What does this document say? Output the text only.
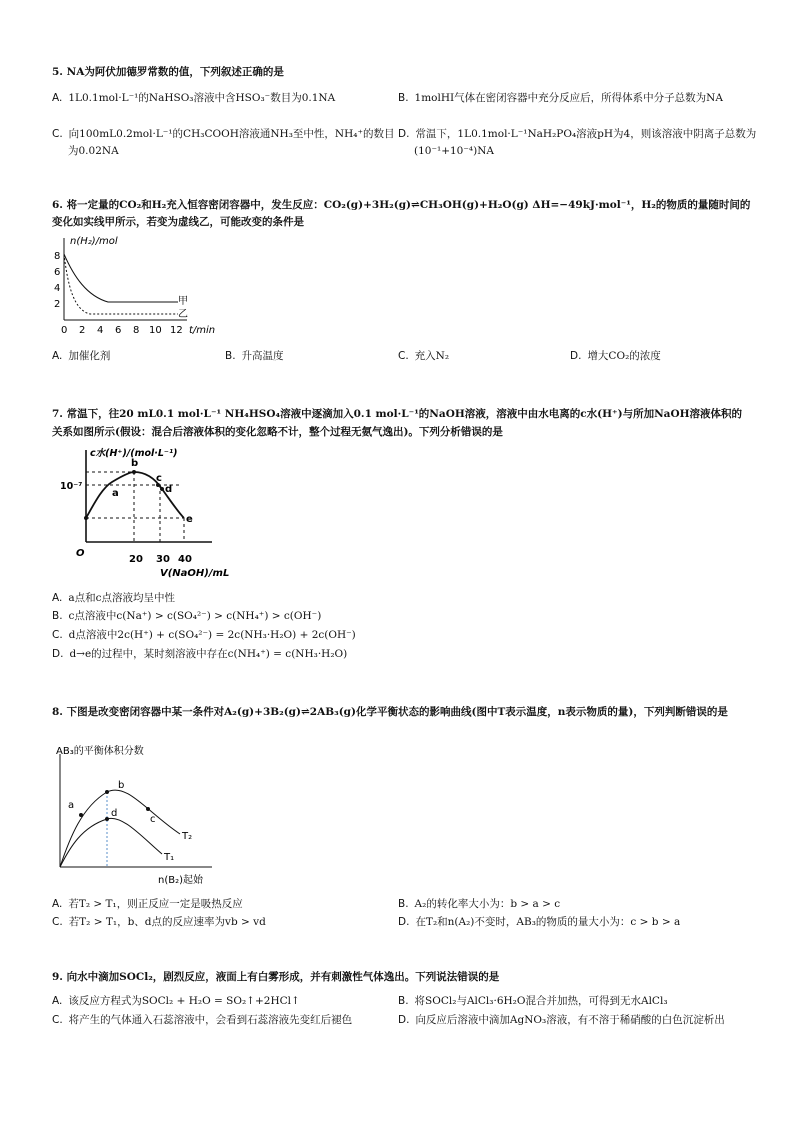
5. NA为阿伏加德罗常数的值，下列叙述正确的是
A. 1L0.1mol·L⁻¹的NaHSO₃溶液中含HSO₃⁻数目为0.1NA	B. 1molHI气体在密闭容器中充分反应后，所得体系中分子总数为NA
C. 向100mL0.2mol·L⁻¹的CH₃COOH溶液通NH₃至中性，NH₄⁺的数目为0.02NA
D. 常温下，1L0.1mol·L⁻¹NaH₂PO₄溶液pH为4，则该溶液中阴离子总数为(10⁻¹+10⁻⁴)NA
6. 将一定量的CO₂和H₂充入恒容密闭容器中，发生反应：CO₂(g)+3H₂(g)⇌CH₃OH(g)+H₂O(g) ΔH=−49kJ·mol⁻¹，H₂的物质的量随时间的变化如实线甲所示，若变为虚线乙，可能改变的条件是
n(H₂)/mol
8
6
4
2
0 2 4 6 8 10 12 t/min
甲
乙
A. 加催化剂	B. 升高温度	C. 充入N₂	D. 增大CO₂的浓度
7. 常温下，往20 mL0.1 mol·L⁻¹ NH₄HSO₄溶液中逐滴加入0.1 mol·L⁻¹的NaOH溶液，溶液中由水电离的c水(H⁺)与所加NaOH溶液体积的关系如图所示(假设：混合后溶液体积的变化忽略不计，整个过程无氨气逸出)。下列分析错误的是
c水(H⁺)/(mol·L⁻¹)
10⁻⁷
O
20 30 40
V(NaOH)/mL
a
b
c
d
e
A. a点和c点溶液均呈中性
B. c点溶液中c(Na⁺) > c(SO₄²⁻) > c(NH₄⁺) > c(OH⁻)
C. d点溶液中2c(H⁺) + c(SO₄²⁻) = 2c(NH₃·H₂O) + 2c(OH⁻)
D. d→e的过程中，某时刻溶液中存在c(NH₄⁺) = c(NH₃·H₂O)
8. 下图是改变密闭容器中某一条件对A₂(g)+3B₂(g)⇌2AB₃(g)化学平衡状态的影响曲线(图中T表示温度，n表示物质的量)，下列判断错误的是
AB₃的平衡体积分数
n(B₂)起始
a
b
c
d
T₂
T₁
A. 若T₂ > T₁，则正反应一定是吸热反应	B. A₂的转化率大小为：b > a > c
C. 若T₂ > T₁，b、d点的反应速率为vb > vd	D. 在T₂和n(A₂)不变时，AB₃的物质的量大小为：c > b > a
9. 向水中滴加SOCl₂，剧烈反应，液面上有白雾形成，并有刺激性气体逸出。下列说法错误的是
A. 该反应方程式为SOCl₂ + H₂O = SO₂↑+2HCl↑	B. 将SOCl₂与AlCl₃·6H₂O混合并加热，可得到无水AlCl₃
C. 将产生的气体通入石蕊溶液中，会看到石蕊溶液先变红后褪色	D. 向反应后溶液中滴加AgNO₃溶液，有不溶于稀硝酸的白色沉淀析出
